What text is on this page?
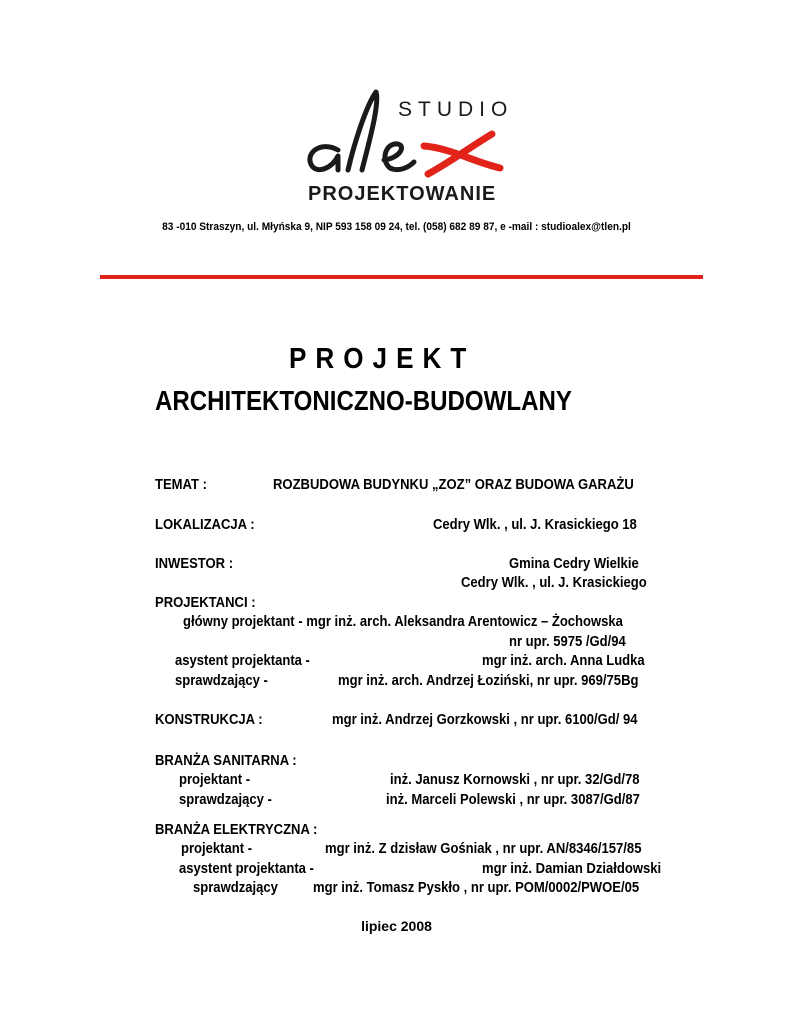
STUDIO
alex
PROJEKTOWANIE
83 -010 Straszyn, ul. Młyńska 9, NIP 593 158 09 24, tel. (058) 682 89 87, e -mail : studioalex@tlen.pl
PROJEKT
ARCHITEKTONICZNO-BUDOWLANY
TEMAT :	ROZBUDOWA BUDYNKU „ZOZ” ORAZ BUDOWA GARAŻU
LOKALIZACJA :	Cedry Wlk. , ul. J. Krasickiego 18
INWESTOR :	Gmina Cedry Wielkie
Cedry Wlk. , ul. J. Krasickiego
PROJEKTANCI :
główny projektant - mgr inż. arch. Aleksandra Arentowicz – Żochowska
nr upr. 5975 /Gd/94
asystent projektanta -	mgr inż. arch. Anna Ludka
sprawdzający -	mgr inż. arch. Andrzej Łoziński, nr upr. 969/75Bg
KONSTRUKCJA :	mgr inż. Andrzej Gorzkowski , nr upr. 6100/Gd/ 94
BRANŻA SANITARNA :
projektant -	inż. Janusz Kornowski , nr upr. 32/Gd/78
sprawdzający -	inż. Marceli Polewski , nr upr. 3087/Gd/87
BRANŻA ELEKTRYCZNA :
projektant -	mgr inż. Z dzisław Gośniak , nr upr. AN/8346/157/85
asystent projektanta -	mgr inż. Damian Działdowski
sprawdzający mgr inż. Tomasz Pyskło , nr upr. POM/0002/PWOE/05
lipiec 2008
